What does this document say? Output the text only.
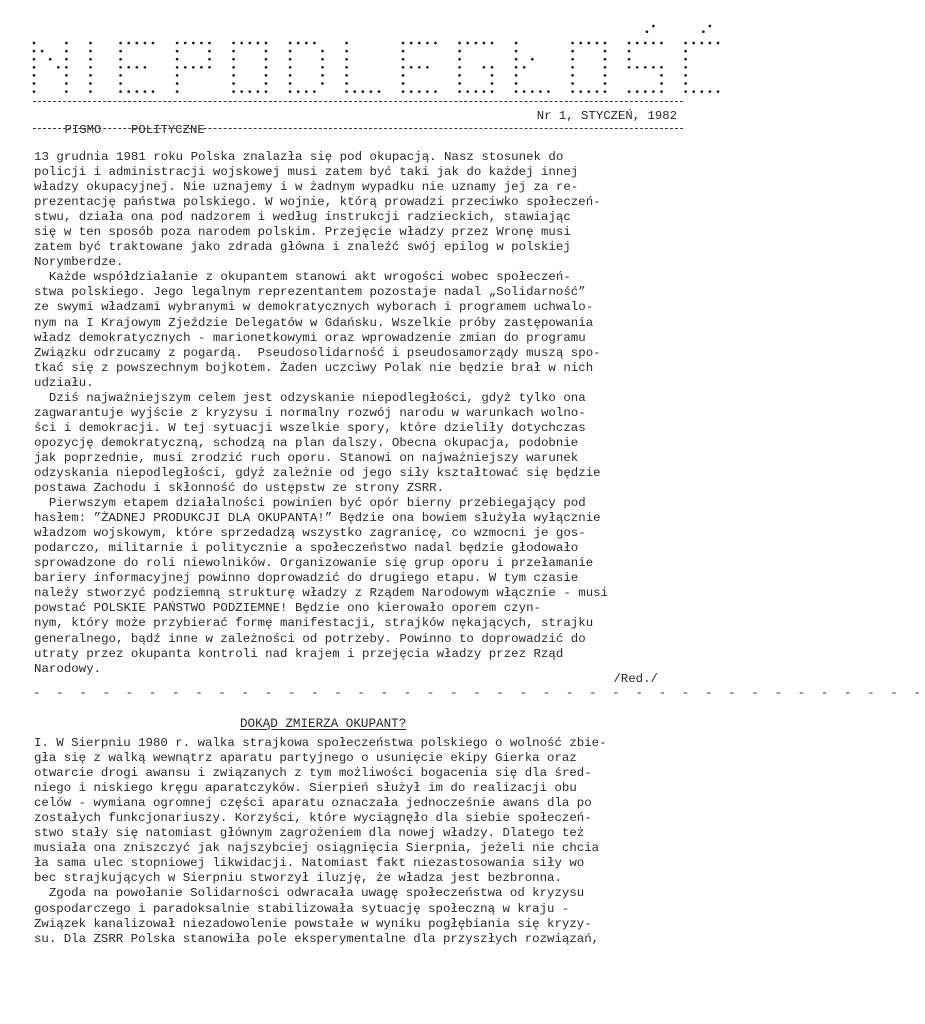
PISMO    POLITYCZNE

Nr 1, STYCZEŃ, 1982

13 grudnia 1981 roku Polska znalazła się pod okupacją. Nasz stosunek do
policji i administracji wojskowej musi zatem być taki jak do każdej innej
władzy okupacyjnej. Nie uznajemy i w żadnym wypadku nie uznamy jej za re-
prezentację państwa polskiego. W wojnie, którą prowadzi przeciwko społeczeń-
stwu, działa ona pod nadzorem i według instrukcji radzieckich, stawiając
się w ten sposób poza narodem polskim. Przejęcie władzy przez Wronę musi
zatem być traktowane jako zdrada główna i znaleźć swój epilog w polskiej
Norymberdze.
Każde współdziałanie z okupantem stanowi akt wrogości wobec społeczeń-
stwa polskiego. Jego legalnym reprezentantem pozostaje nadal „Solidarność”
ze swymi władzami wybranymi w demokratycznych wyborach i programem uchwalo-
nym na I Krajowym Zjeździe Delegatów w Gdańsku. Wszelkie próby zastępowania
władz demokratycznych - marionetkowymi oraz wprowadzenie zmian do programu
Związku odrzucamy z pogardą.  Pseudosolidarność i pseudosamorządy muszą spo-
tkać się z powszechnym bojkotem. Żaden uczciwy Polak nie będzie brał w nich
udziału.
Dziś najważniejszym celem jest odzyskanie niepodległości, gdyż tylko ona
zagwarantuje wyjście z kryzysu i normalny rozwój narodu w warunkach wolno-
ści i demokracji. W tej sytuacji wszelkie spory, które dzieliły dotychczas
opozycję demokratyczną, schodzą na plan dalszy. Obecna okupacja, podobnie
jak poprzednie, musi zrodzić ruch oporu. Stanowi on najważniejszy warunek
odzyskania niepodległości, gdyż zależnie od jego siły kształtować się będzie
postawa Zachodu i skłonność do ustępstw ze strony ZSRR.
Pierwszym etapem działalności powinien być opór bierny przebiegający pod
hasłem: ”ŻADNEJ PRODUKCJI DLA OKUPANTA!” Będzie ona bowiem służyła wyłącznie
władzom wojskowym, które sprzedadzą wszystko zagranicę, co wzmocni je gos-
podarczo, militarnie i politycznie a społeczeństwo nadal będzie głodowało
sprowadzone do roli niewolników. Organizowanie się grup oporu i przełamanie
bariery informacyjnej powinno doprowadzić do drugiego etapu. W tym czasie
należy stworzyć podziemną strukturę władzy z Rządem Narodowym włącznie - musi
powstać POLSKIE PAŃSTWO PODZIEMNE! Będzie ono kierowało oporem czyn-
nym, który może przybierać formę manifestacji, strajków nękających, strajku
generalnego, bądź inne w zależności od potrzeby. Powinno to doprowadzić do
utraty przez okupanta kontroli nad krajem i przejęcia władzy przez Rząd
Narodowy.
/Red./
- - - - - - - - - - - - - - - - - - - - - - - - - - - - - - - - - - - - - - -
DOKĄD ZMIERZA OKUPANT?
I. W Sierpniu 1980 r. walka strajkowa społeczeństwa polskiego o wolność zbie-
gła się z walką wewnątrz aparatu partyjnego o usunięcie ekipy Gierka oraz
otwarcie drogi awansu i związanych z tym możliwości bogacenia się dla śred-
niego i niskiego kręgu aparatczyków. Sierpień służył im do realizacji obu
celów - wymiana ogromnej części aparatu oznaczała jednocześnie awans dla po
zostałych funkcjonariuszy. Korzyści, które wyciągnęło dla siebie społeczeń-
stwo stały się natomiast głównym zagrożeniem dla nowej władzy. Dlatego też
musiała ona zniszczyć jak najszybciej osiągnięcia Sierpnia, jeżeli nie chcia
ła sama ulec stopniowej likwidacji. Natomiast fakt niezastosowania siły wo
bec strajkujących w Sierpniu stworzył iluzję, że władza jest bezbronna.
Zgoda na powołanie Solidarności odwracała uwagę społeczeństwa od kryzysu
gospodarczego i paradoksalnie stabilizowała sytuację społeczną w kraju -
Związek kanalizował niezadowolenie powstałe w wyniku pogłębiania się kryzy-
su. Dla ZSRR Polska stanowiła pole eksperymentalne dla przyszłych rozwiązań,
